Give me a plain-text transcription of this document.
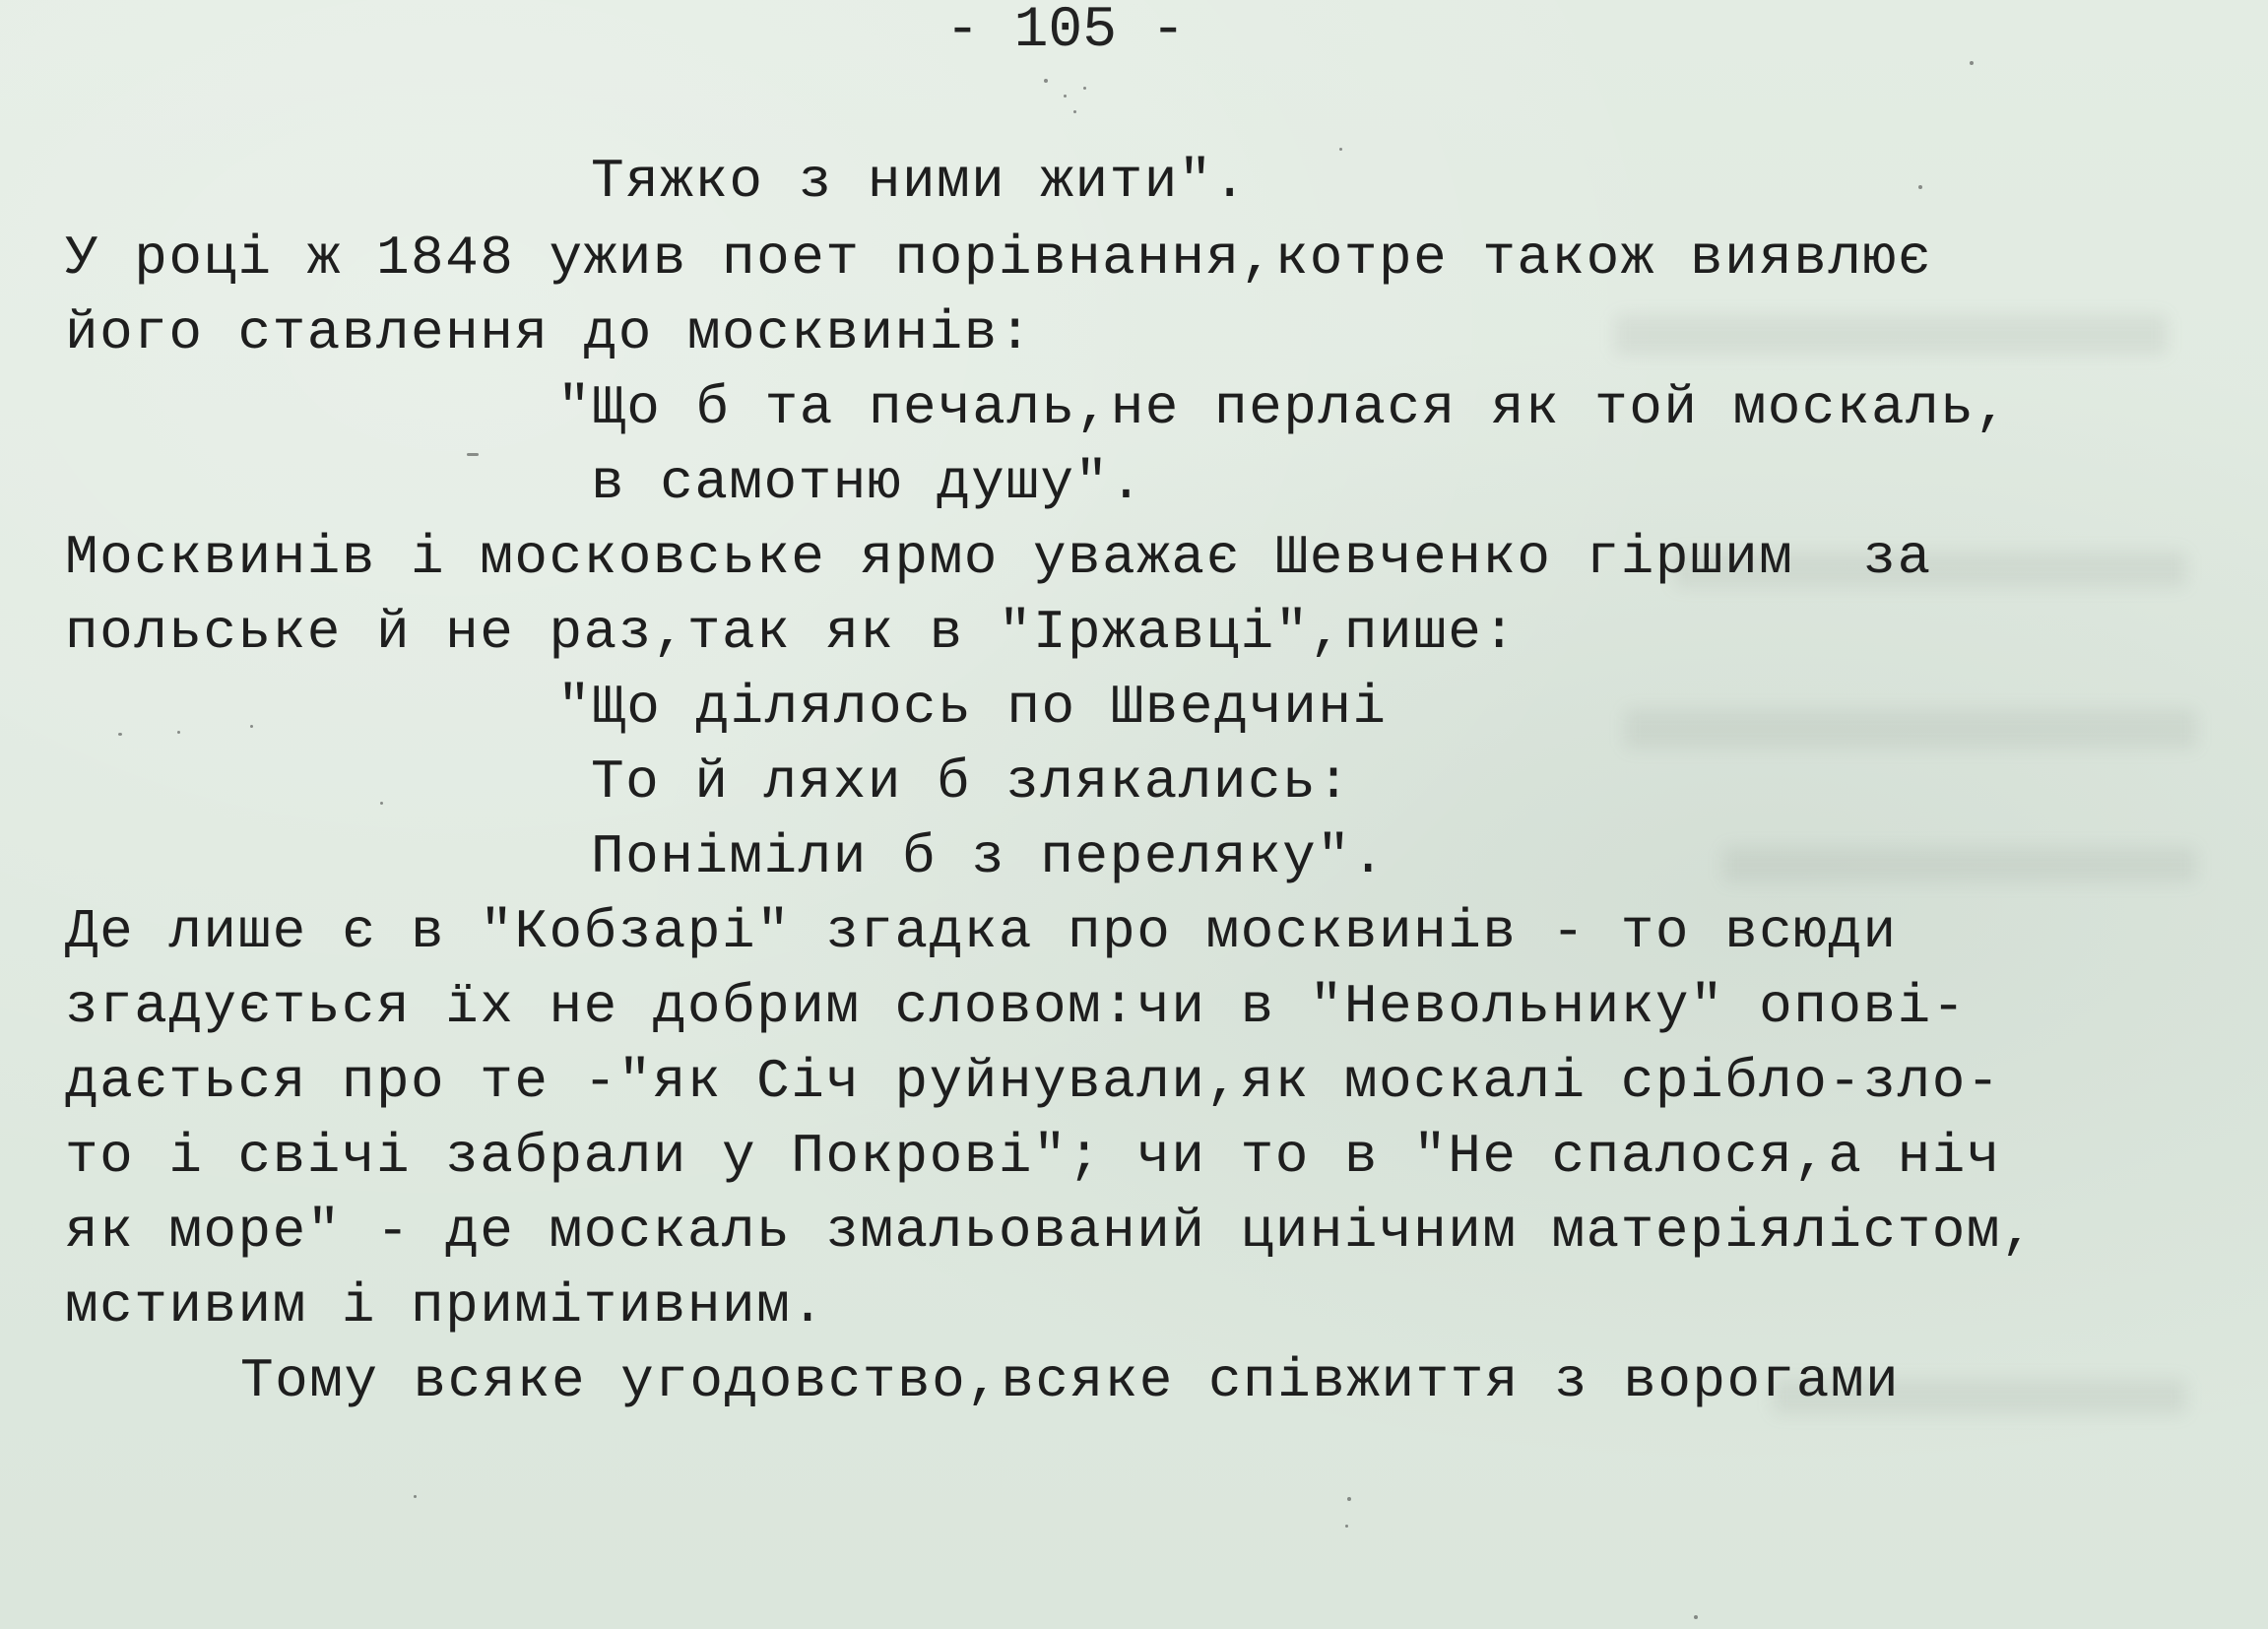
- 105 -
Тяжко з ними жити".
У році ж 1848 ужив поет порівнання,котре також виявлює
його ставлення до москвинів:
"Що б та печаль,не перлася як той москаль,
в самотню душу".
Москвинів і московське ярмо уважає Шевченко гіршим  за
польське й не раз,так як в "Іржавці",пише:
"Що ділялось по Шведчині
То й ляхи б злякались:
Поніміли б з переляку".
Де лише є в "Кобзарі" згадка про москвинів - то всюди
згадується їх не добрим словом:чи в "Невольнику" опові-
дається про те -"як Січ руйнували,як москалі срібло-зло-
то і свічі забрали у Покрові"; чи то в "Не спалося,а ніч
як море" - де москаль змальований цинічним матеріялістом,
мстивим і примітивним.
Тому всяке угодовство,всяке співжиття з ворогами
